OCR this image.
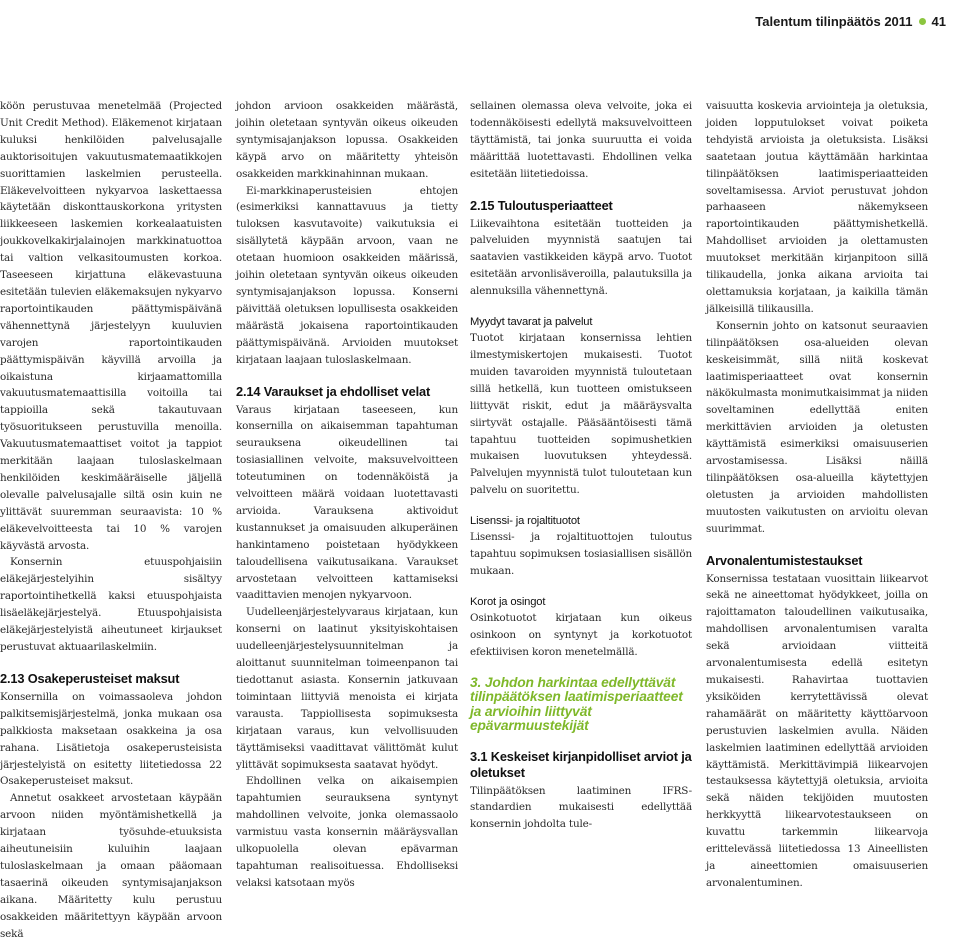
Talentum tilinpäätös 2011 41

köön perustuvaa menetelmää (Projected Unit Credit Method). Eläkemenot kirjataan kuluksi henkilöiden palvelusajalle auktorisoitujen vakuutusmatemaatikkojen suorittamien laskelmien perusteella. Eläkevelvoitteen nykyarvoa laskettaessa käytetään diskonttauskorkona yritysten liikkeeseen laskemien korkealaatuisten joukkovelkakirjalainojen markkinatuottoa tai valtion velkasitoumusten korkoa. Taseeseen kirjattuna eläkevastuuna esitetään tulevien eläkemaksujen nykyarvo raportointikauden päättymispäivänä vähennettynä järjestelyyn kuuluvien varojen raportointikauden päättymispäivän käyvillä arvoilla ja oikaistuna kirjaamattomilla vakuutusmatemaattisilla voitoilla tai tappioilla sekä takautuvaan työsuoritukseen perustuvilla menoilla. Vakuutusmatemaattiset voitot ja tappiot merkitään laajaan tuloslaskelmaan henkilöiden keskimääräiselle jäljellä olevalle palvelusajalle siltä osin kuin ne ylittävät suuremman seuraavista: 10 % eläkevelvoitteesta tai 10 % varojen käyvästä arvosta.

Konsernin etuuspohjaisiin eläkejärjestelyihin sisältyy raportointihetkellä kaksi etuuspohjaista lisäeläkejärjestelyä. Etuuspohjaisista eläkejärjestelyistä aiheutuneet kirjaukset perustuvat aktuaarilaskelmiin.

2.13 Osakeperusteiset maksut

Konsernilla on voimassaoleva johdon palkitsemisjärjestelmä, jonka mukaan osa palkkiosta maksetaan osakkeina ja osa rahana. Lisätietoja osakeperusteisista järjestelyistä on esitetty liitetiedossa 22 Osakeperusteiset maksut.

Annetut osakkeet arvostetaan käypään arvoon niiden myöntämishetkellä ja kirjataan työsuhde-etuuksista aiheutuneisiin kuluihin laajaan tuloslaskelmaan ja omaan pääomaan tasaerinä oikeuden syntymisajanjakson aikana. Määritetty kulu perustuu osakkeiden määritettyyn käypään arvoon sekä

johdon arvioon osakkeiden määrästä, joihin oletetaan syntyvän oikeus oikeuden syntymisajanjakson lopussa. Osakkeiden käypä arvo on määritetty yhteisön osakkeiden markkinahinnan mukaan.

Ei-markkinaperusteisien ehtojen (esimerkiksi kannattavuus ja tietty tuloksen kasvutavoite) vaikutuksia ei sisällytetä käypään arvoon, vaan ne otetaan huomioon osakkeiden määrissä, joihin oletetaan syntyvän oikeus oikeuden syntymisajanjakson lopussa. Konserni päivittää oletuksen lopullisesta osakkeiden määrästä jokaisena raportointikauden päättymispäivänä. Arvioiden muutokset kirjataan laajaan tuloslaskelmaan.

2.14 Varaukset ja ehdolliset velat

Varaus kirjataan taseeseen, kun konsernilla on aikaisemman tapahtuman seurauksena oikeudellinen tai tosiasiallinen velvoite, maksuvelvoitteen toteutuminen on todennäköistä ja velvoitteen määrä voidaan luotettavasti arvioida. Varauksena aktivoidut kustannukset ja omaisuuden alkuperäinen hankintameno poistetaan hyödykkeen taloudellisena vaikutusaikana. Varaukset arvostetaan velvoitteen kattamiseksi vaadittavien menojen nykyarvoon.

Uudelleenjärjestelyvaraus kirjataan, kun konserni on laatinut yksityiskohtaisen uudelleenjärjestelysuunnitelman ja aloittanut suunnitelman toimeenpanon tai tiedottanut asiasta. Konsernin jatkuvaan toimintaan liittyviä menoista ei kirjata varausta. Tappiollisesta sopimuksesta kirjataan varaus, kun velvollisuuden täyttämiseksi vaadittavat välittömät kulut ylittävät sopimuksesta saatavat hyödyt.

Ehdollinen velka on aikaisempien tapahtumien seurauksena syntynyt mahdollinen velvoite, jonka olemassaolo varmistuu vasta konsernin määräysvallan ulkopuolella olevan epävarman tapahtuman realisoituessa. Ehdolliseksi velaksi katsotaan myös

sellainen olemassa oleva velvoite, joka ei todennäköisesti edellytä maksuvelvoitteen täyttämistä, tai jonka suuruutta ei voida määrittää luotettavasti. Ehdollinen velka esitetään liitetiedoissa.

2.15 Tuloutusperiaatteet

Liikevaihtona esitetään tuotteiden ja palveluiden myynnistä saatujen tai saatavien vastikkeiden käypä arvo. Tuotot esitetään arvonlisäveroilla, palautuksilla ja alennuksilla vähennettynä.

Myydyt tavarat ja palvelut

Tuotot kirjataan konsernissa lehtien ilmestymiskertojen mukaisesti. Tuotot muiden tavaroiden myynnistä tuloutetaan sillä hetkellä, kun tuotteen omistukseen liittyvät riskit, edut ja määräysvalta siirtyvät ostajalle. Pääsääntöisesti tämä tapahtuu tuotteiden sopimushetkien mukaisen luovutuksen yhteydessä. Palvelujen myynnistä tulot tuloutetaan kun palvelu on suoritettu.

Lisenssi- ja rojaltituotot

Lisenssi- ja rojaltituottojen tuloutus tapahtuu sopimuksen tosiasiallisen sisällön mukaan.

Korot ja osingot

Osinkotuotot kirjataan kun oikeus osinkoon on syntynyt ja korkotuotot efektiivisen koron menetelmällä.

3. Johdon harkintaa edellyttävät tilinpäätöksen laatimisperiaatteet ja arvioihin liittyvät epävarmuustekijät
3.1 Keskeiset kirjanpidolliset arviot ja oletukset

Tilinpäätöksen laatiminen IFRS-standardien mukaisesti edellyttää konsernin johdolta tule-

vaisuutta koskevia arviointeja ja oletuksia, joiden lopputulokset voivat poiketa tehdyistä arvioista ja oletuksista. Lisäksi saatetaan joutua käyttämään harkintaa tilinpäätöksen laatimisperiaatteiden soveltamisessa. Arviot perustuvat johdon parhaaseen näkemykseen raportointikauden päättymishetkellä. Mahdolliset arvioiden ja olettamusten muutokset merkitään kirjanpitoon sillä tilikaudella, jonka aikana arvioita tai olettamuksia korjataan, ja kaikilla tämän jälkeisillä tilikausilla.

Konsernin johto on katsonut seuraavien tilinpäätöksen osa-alueiden olevan keskeisimmät, sillä niitä koskevat laatimisperiaatteet ovat konsernin näkökulmasta monimutkaisimmat ja niiden soveltaminen edellyttää eniten merkittävien arvioiden ja oletusten käyttämistä esimerkiksi omaisuuserien arvostamisessa. Lisäksi näillä tilinpäätöksen osa-alueilla käytettyjen oletusten ja arvioiden mahdollisten muutosten vaikutusten on arvioitu olevan suurimmat.

Arvonalentumistestaukset

Konsernissa testataan vuosittain liikearvot sekä ne aineettomat hyödykkeet, joilla on rajoittamaton taloudellinen vaikutusaika, mahdollisen arvonalentumisen varalta sekä arvioidaan viitteitä arvonalentumisesta edellä esitetyn mukaisesti. Rahavirtaa tuottavien yksiköiden kerrytettävissä olevat rahamäärät on määritetty käyttöarvoon perustuvien laskelmien avulla. Näiden laskelmien laatiminen edellyttää arvioiden käyttämistä. Merkittävimpiä liikearvojen testauksessa käytettyjä oletuksia, arvioita sekä näiden tekijöiden muutosten herkkyyttä liikearvotestaukseen on kuvattu tarkemmin liikearvoja erittelevässä liitetiedossa 13 Aineellisten ja aineettomien omaisuuserien arvonalentuminen.
